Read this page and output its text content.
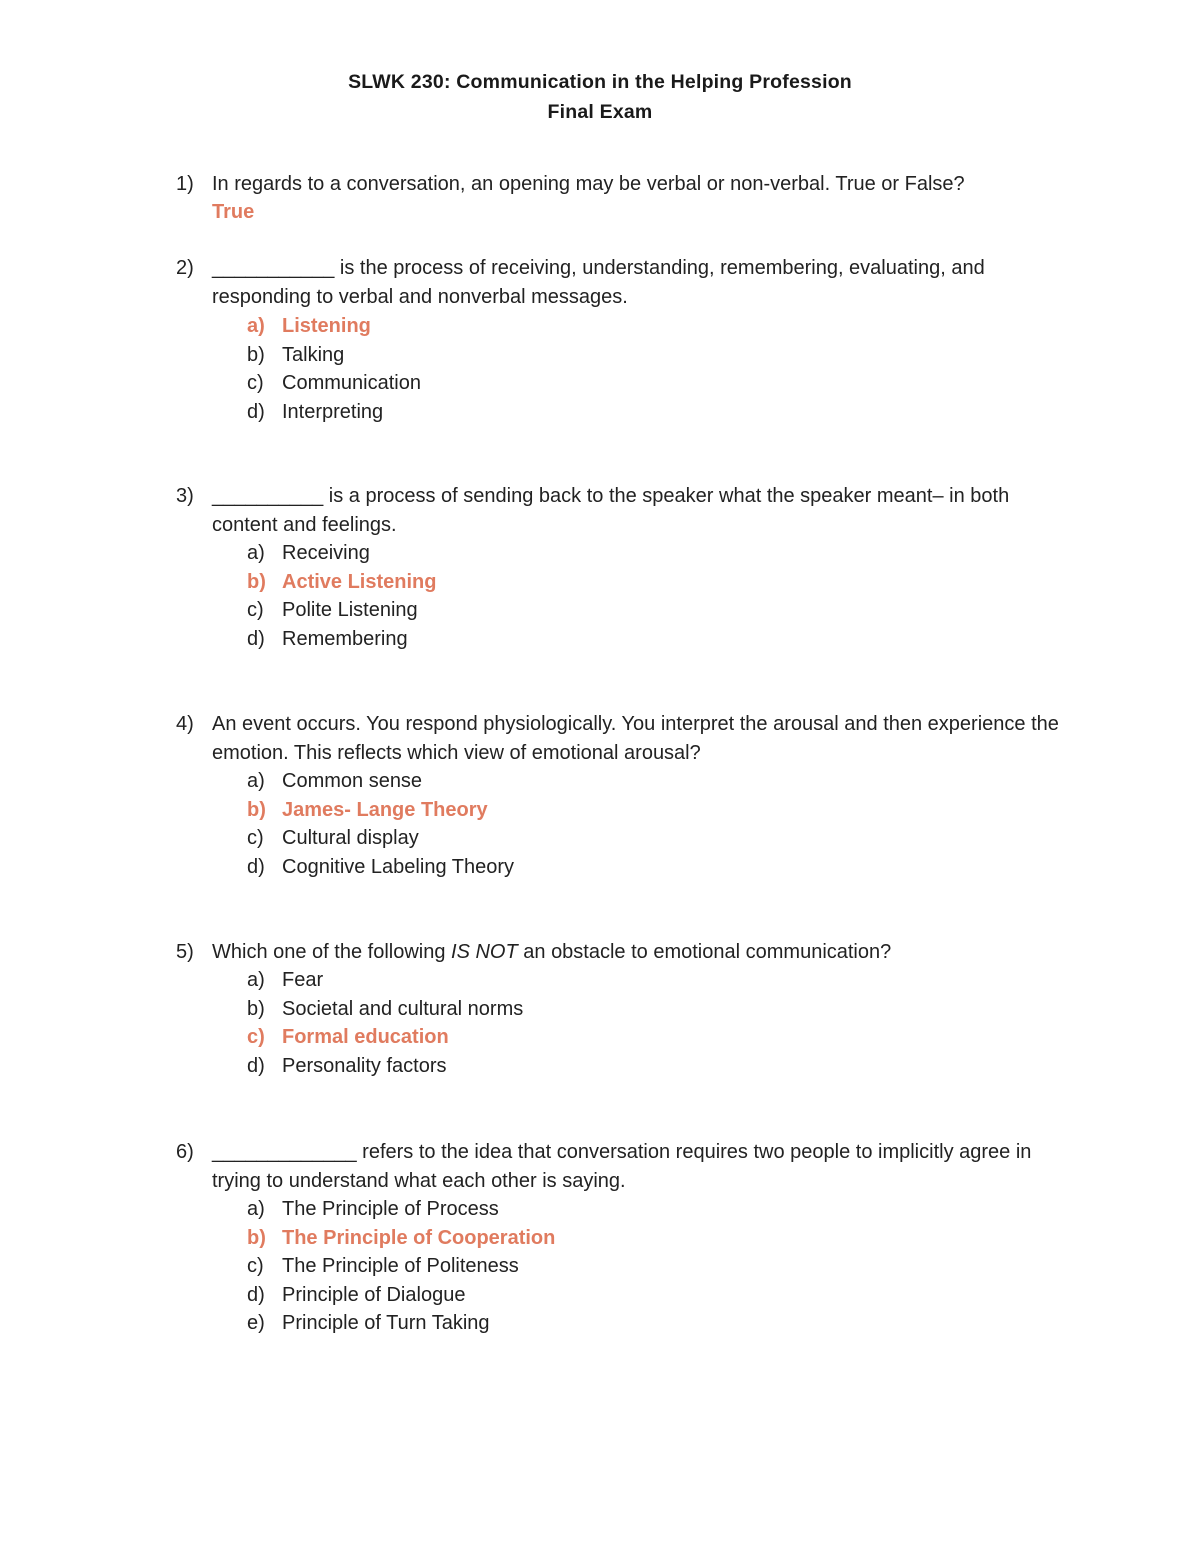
SLWK 230: Communication in the Helping Profession
Final Exam
1) In regards to a conversation, an opening may be verbal or non-verbal. True or False?
True
2) ___________ is the process of receiving, understanding, remembering, evaluating, and responding to verbal and nonverbal messages.
a) Listening
b) Talking
c) Communication
d) Interpreting
3) __________ is a process of sending back to the speaker what the speaker meant– in both content and feelings.
a) Receiving
b) Active Listening
c) Polite Listening
d) Remembering
4) An event occurs. You respond physiologically. You interpret the arousal and then experience the emotion. This reflects which view of emotional arousal?
a) Common sense
b) James- Lange Theory
c) Cultural display
d) Cognitive Labeling Theory
5) Which one of the following IS NOT an obstacle to emotional communication?
a) Fear
b) Societal and cultural norms
c) Formal education
d) Personality factors
6) _____________ refers to the idea that conversation requires two people to implicitly agree in trying to understand what each other is saying.
a) The Principle of Process
b) The Principle of Cooperation
c) The Principle of Politeness
d) Principle of Dialogue
e) Principle of Turn Taking
